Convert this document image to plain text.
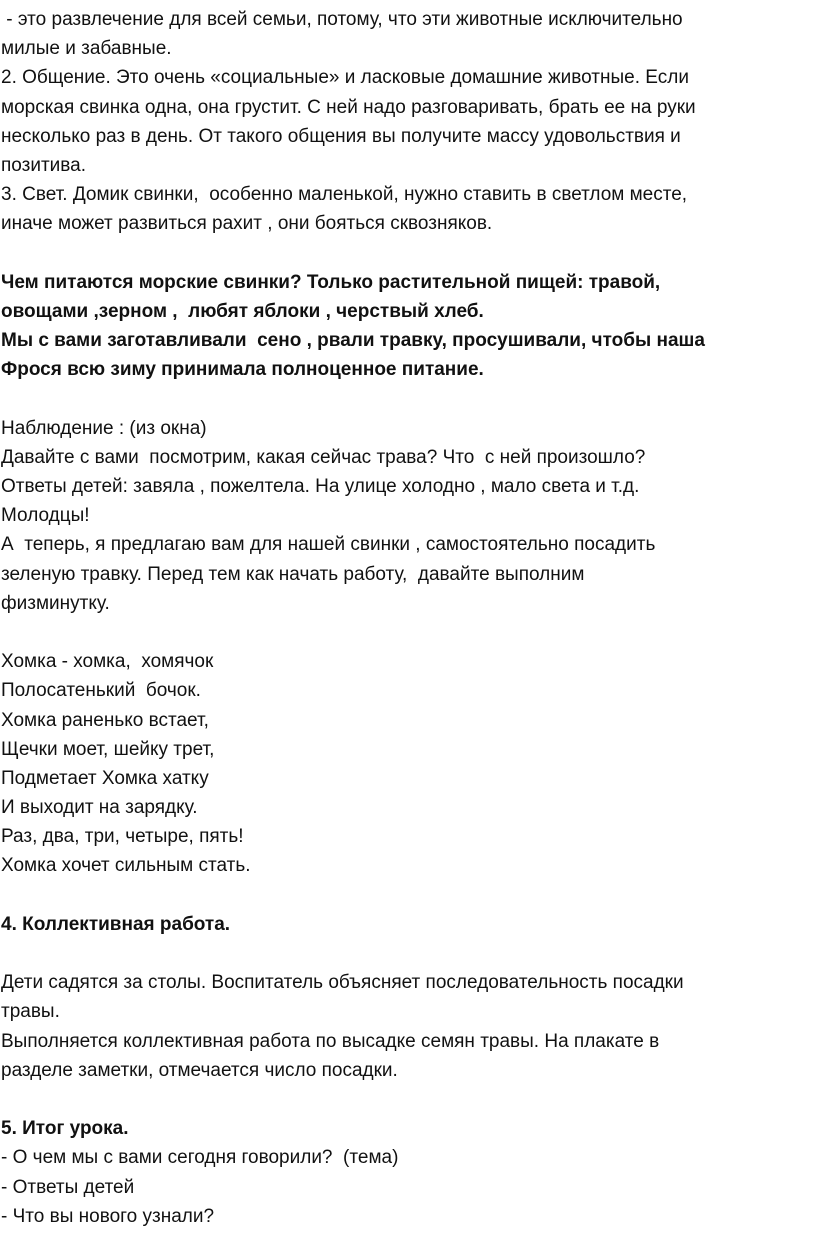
- это развлечение для всей семьи, потому, что эти животные исключительно
милые и забавные.
2. Общение. Это очень «социальные» и ласковые домашние животные. Если
морская свинка одна, она грустит. С ней надо разговаривать, брать ее на руки
несколько раз в день. От такого общения вы получите массу удовольствия и
позитива.
3. Свет. Домик свинки,  особенно маленькой, нужно ставить в светлом месте,
иначе может развиться рахит , они бояться сквозняков.
Чем питаются морские свинки? Только растительной пищей: травой,
овощами ,зерном ,  любят яблоки , черствый хлеб.
Мы с вами заготавливали  сено , рвали травку, просушивали, чтобы наша
Фрося всю зиму принимала полноценное питание.
Наблюдение : (из окна)
Давайте с вами  посмотрим, какая сейчас трава? Что  с ней произошло?
Ответы детей: завяла , пожелтела. На улице холодно , мало света и т.д.
Молодцы!
А  теперь, я предлагаю вам для нашей свинки , самостоятельно посадить
зеленую травку. Перед тем как начать работу,  давайте выполним
физминутку.
Хомка - хомка,  хомячок
Полосатенький  бочок.
Хомка раненько встает,
Щечки моет, шейку трет,
Подметает Хомка хатку
И выходит на зарядку.
Раз, два, три, четыре, пять!
Хомка хочет сильным стать.
4. Коллективная работа.
Дети садятся за столы. Воспитатель объясняет последовательность посадки
травы.
Выполняется коллективная работа по высадке семян травы. На плакате в
разделе заметки, отмечается число посадки.
5. Итог урока.
- О чем мы с вами сегодня говорили?  (тема)
- Ответы детей
- Что вы нового узнали?
